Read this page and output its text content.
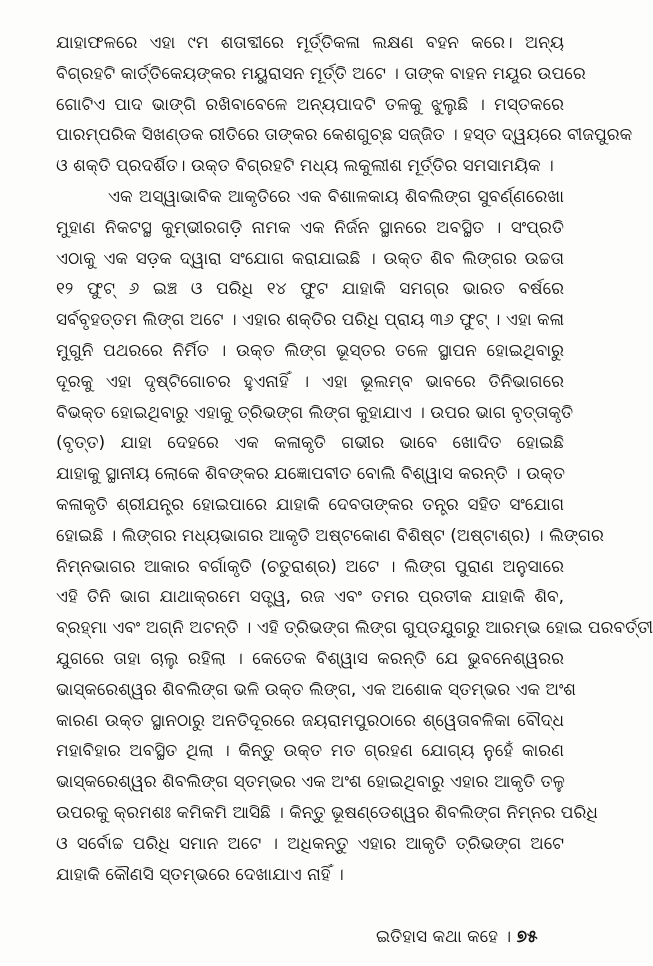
ଯାହାଫଳରେ ଏହା ୯ମ ଶତାବ୍ଦୀରେ ମୂର୍ତ୍ତିକଳା ଲକ୍ଷଣ ବହନ କରେ। ଅନ୍ୟ
ବିଗ୍ରହଟି କାର୍ତ୍ତିକେୟଙ୍କର ମୟୁରାସନ ମୂର୍ତ୍ତି ଅଟେ । ତାଙ୍କ ବାହନ ମୟୂର ଉପରେ
ଗୋଟିଏ ପାଦ ଭାଙ୍ଗି ରଖିବାବେଳେ ଅନ୍ୟପାଦଟି ତଳକୁ ଝୁଲୁଛି । ମସ୍ତକରେ
ପାରମ୍ପରିକ ସିଖଣ୍ଡକ ରୀତିରେ ତାଙ୍କର କେଶଗୁଚ୍ଛ ସଜ୍ଜିତ । ହସ୍ତ ଦ୍ୱୟରେ ବୀଜପୁରକ
ଓ ଶକ୍ତି ପ୍ରଦର୍ଶିତ। ଉକ୍ତ ବିଗ୍ରହଟି ମଧ୍ୟ ଲକୁଲୀଶ ମୂର୍ତ୍ତିର ସମସାମୟିକ ।
ଏକ ଅସ୍ୱାଭାବିକ ଆକୃତିରେ ଏକ ବିଶାଳକାୟ ଶିବଲିଙ୍ଗ ସୁବର୍ଣ୍ଣରେଖା
ମୁହାଣ ନିକଟସ୍ଥ କୁମ୍ଭୀରଗଡ଼ି ନାମକ ଏକ ନିର୍ଜନ ସ୍ଥାନରେ ଅବସ୍ଥିତ । ସଂପ୍ରତି
ଏଠାକୁ ଏକ ସଡ଼କ ଦ୍ୱାରା ସଂଯୋଗ କରାଯାଇଛି । ଉକ୍ତ ଶିବ ଲିଙ୍ଗର ଉଚ୍ଚତା
୧୨ ଫୁଟ୍ ୬ ଇଞ୍ଚ ଓ ପରିଧି ୧୪ ଫୁଟ ଯାହାକି ସମଗ୍ର ଭାରତ ବର୍ଷରେ
ସର୍ବବୃହତ୍ତମ ଲିଙ୍ଗ ଅଟେ । ଏହାର ଶକ୍ତିର ପରିଧି ପ୍ରାୟ ୩୬ ଫୁଟ୍ । ଏହା କଳା
ମୁଗୁନି ପଥରରେ ନିର୍ମିତ । ଉକ୍ତ ଲିଙ୍ଗ ଭୂସ୍ତର ତଳେ ସ୍ଥାପନ ହୋଇଥିବାରୁ
ଦୂରକୁ ଏହା ଦୃଷ୍ଟିଗୋଚର ହୁଏନାହିଁ । ଏହା ଭୂଲମ୍ବ ଭାବରେ ତିନିଭାଗରେ
ବିଭକ୍ତ ହୋଇଥିବାରୁ ଏହାକୁ ତ୍ରିଭଙ୍ଗ ଲିଙ୍ଗ କୁହାଯାଏ । ଉପର ଭାଗ ବୃତ୍ତାକୃତି
(ବୃତ୍ତ) ଯାହା ଦେହରେ ଏକ କଳାକୃତି ଗଭୀର ଭାବେ ଖୋଦିତ ହୋଇଛି
ଯାହାକୁ ସ୍ଥାନୀୟ ଲୋକେ ଶିବଙ୍କର ଯଜ୍ଞୋପବୀତ ବୋଲି ବିଶ୍ୱାସ କରନ୍ତି । ଉକ୍ତ
କଳାକୃତି ଶ୍ରୀଯନ୍ତ୍ର ହୋଇପାରେ ଯାହାକି ଦେବତାଙ୍କର ତନ୍ତ୍ର ସହିତ ସଂଯୋଗ
ହୋଇଛି । ଲିଙ୍ଗର ମଧ୍ୟଭାଗର ଆକୃତି ଅଷ୍ଟକୋଣ ବିଶିଷ୍ଟ (ଅଷ୍ଟାଶ୍ର) । ଲିଙ୍ଗର
ନିମ୍ନଭାଗର ଆକାର ବର୍ଗାକୃତି (ଚତୁରାଶ୍ର) ଅଟେ । ଲିଙ୍ଗ ପୁରାଣ ଅନୁସାରେ
ଏହି ତିନି ଭାଗ ଯାଥାକ୍ରମେ ସତ୍ତ୍ୱ, ରଜ ଏବଂ ତମର ପ୍ରତୀକ ଯାହାକି ଶିବ,
ବ୍ରହ୍ମା ଏବଂ ଅଗ୍ନି ଅଟନ୍ତି । ଏହି ତ୍ରିଭଙ୍ଗ ଲିଙ୍ଗ ଗୁପ୍ତଯୁଗରୁ ଆରମ୍ଭ ହୋଇ ପରବର୍ତ୍ତୀ
ଯୁଗରେ ତାହା ଚାଲୁ ରହିଲା । କେତେକ ବିଶ୍ୱାସ କରନ୍ତି ଯେ ଭୁବନେଶ୍ୱରର
ଭାସ୍କରେଶ୍ୱର ଶିବଲିଙ୍ଗ ଭଳି ଉକ୍ତ ଲିଙ୍ଗ, ଏକ ଅଶୋକ ସ୍ତମ୍ଭର ଏକ ଅଂଶ
କାରଣ ଉକ୍ତ ସ୍ଥାନଠାରୁ ଅନତିଦୂରରେ ଜୟରାମପୁରଠାରେ ଶ୍ୱେତାବଳିକା ବୌଦ୍ଧ
ମହାବିହାର ଅବସ୍ଥିତ ଥିଲା । କିନ୍ତୁ ଉକ୍ତ ମତ ଗ୍ରହଣ ଯୋଗ୍ୟ ନୁହେଁ କାରଣ
ଭାସ୍କରେଶ୍ୱର ଶିବଲିଙ୍ଗ ସ୍ତମ୍ଭର ଏକ ଅଂଶ ହୋଇଥିବାରୁ ଏହାର ଆକୃତି ତଳୁ
ଉପରକୁ କ୍ରମଶଃ କମିକମି ଆସିଛି । କିନ୍ତୁ ଭୂଷଣ୍ଡେଶ୍ୱର ଶିବଲିଙ୍ଗ ନିମ୍ନର ପରିଧି
ଓ ସର୍ବୋଚ୍ଚ ପରିଧି ସମାନ ଅଟେ । ଅଧିକନ୍ତୁ ଏହାର ଆକୃତି ତ୍ରିଭଙ୍ଗ ଅଟେ
ଯାହାକି କୌଣସି ସ୍ତମ୍ଭରେ ଦେଖାଯାଏ ନାହିଁ ।
ଇତିହାସ କଥା କହେ । ୭୫
